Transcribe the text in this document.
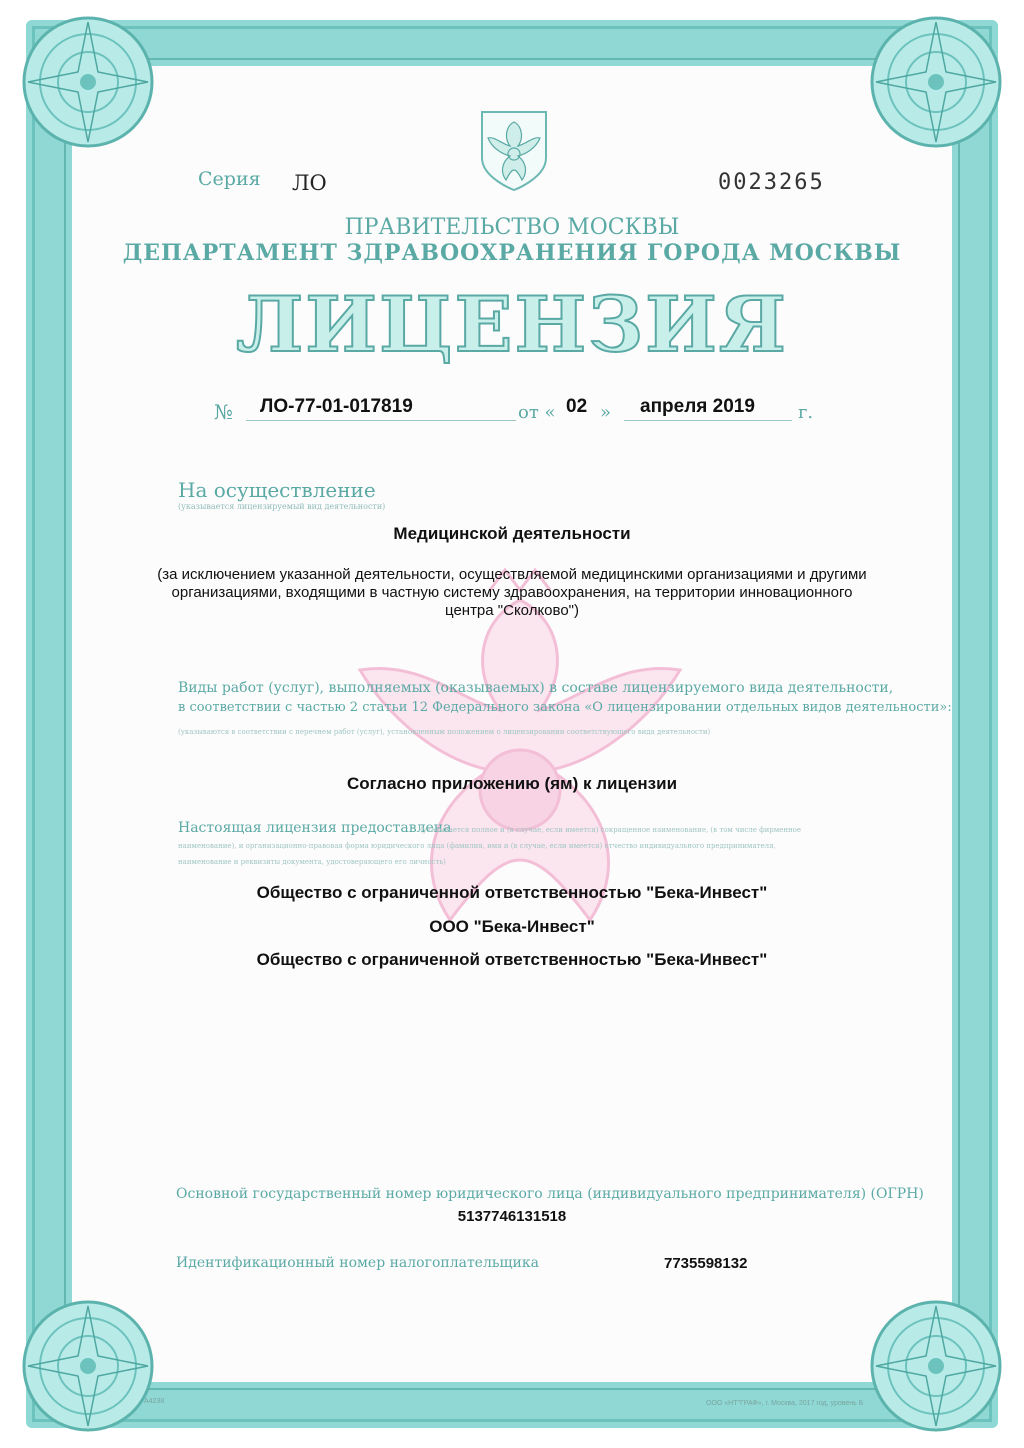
Серия ЛО	0023265
ПРАВИТЕЛЬСТВО МОСКВЫ
ДЕПАРТАМЕНТ ЗДРАВООХРАНЕНИЯ ГОРОДА МОСКВЫ
ЛИЦЕНЗИЯ
№ ЛО-77-01-017819	от « 02 » апреля 2019 г.
На осуществление
(указывается лицензируемый вид деятельности)
Медицинской деятельности
(за исключением указанной деятельности, осуществляемой медицинскими организациями и другими организациями, входящими в частную систему здравоохранения, на территории инновационного центра "Сколково")
Виды работ (услуг), выполняемых (оказываемых) в составе лицензируемого вида деятельности,
в соответствии с частью 2 статьи 12 Федерального закона «О лицензировании отдельных видов деятельности»:
(указываются в соответствии с перечнем работ (услуг), установленным положением о лицензировании соответствующего вида деятельности)
Согласно приложению (ям) к лицензии
Настоящая лицензия предоставлена
(указывается полное и (в случае, если имеется) сокращенное наименование, (в том числе фирменное
наименование), и организационно-правовая форма юридического лица (фамилия, имя и (в случае, если имеется) отчество индивидуального предпринимателя,
наименование и реквизиты документа, удостоверяющего его личность)
Общество с ограниченной ответственностью "Бека-Инвест"
ООО "Бека-Инвест"
Общество с ограниченной ответственностью "Бека-Инвест"
Основной государственный номер юридического лица (индивидуального предпринимателя) (ОГРН)
5137746131518
Идентификационный номер налогоплательщика	7735598132
А4238	ООО «НТ"ГРАФ», г. Москва, 2017 год, уровень Б
